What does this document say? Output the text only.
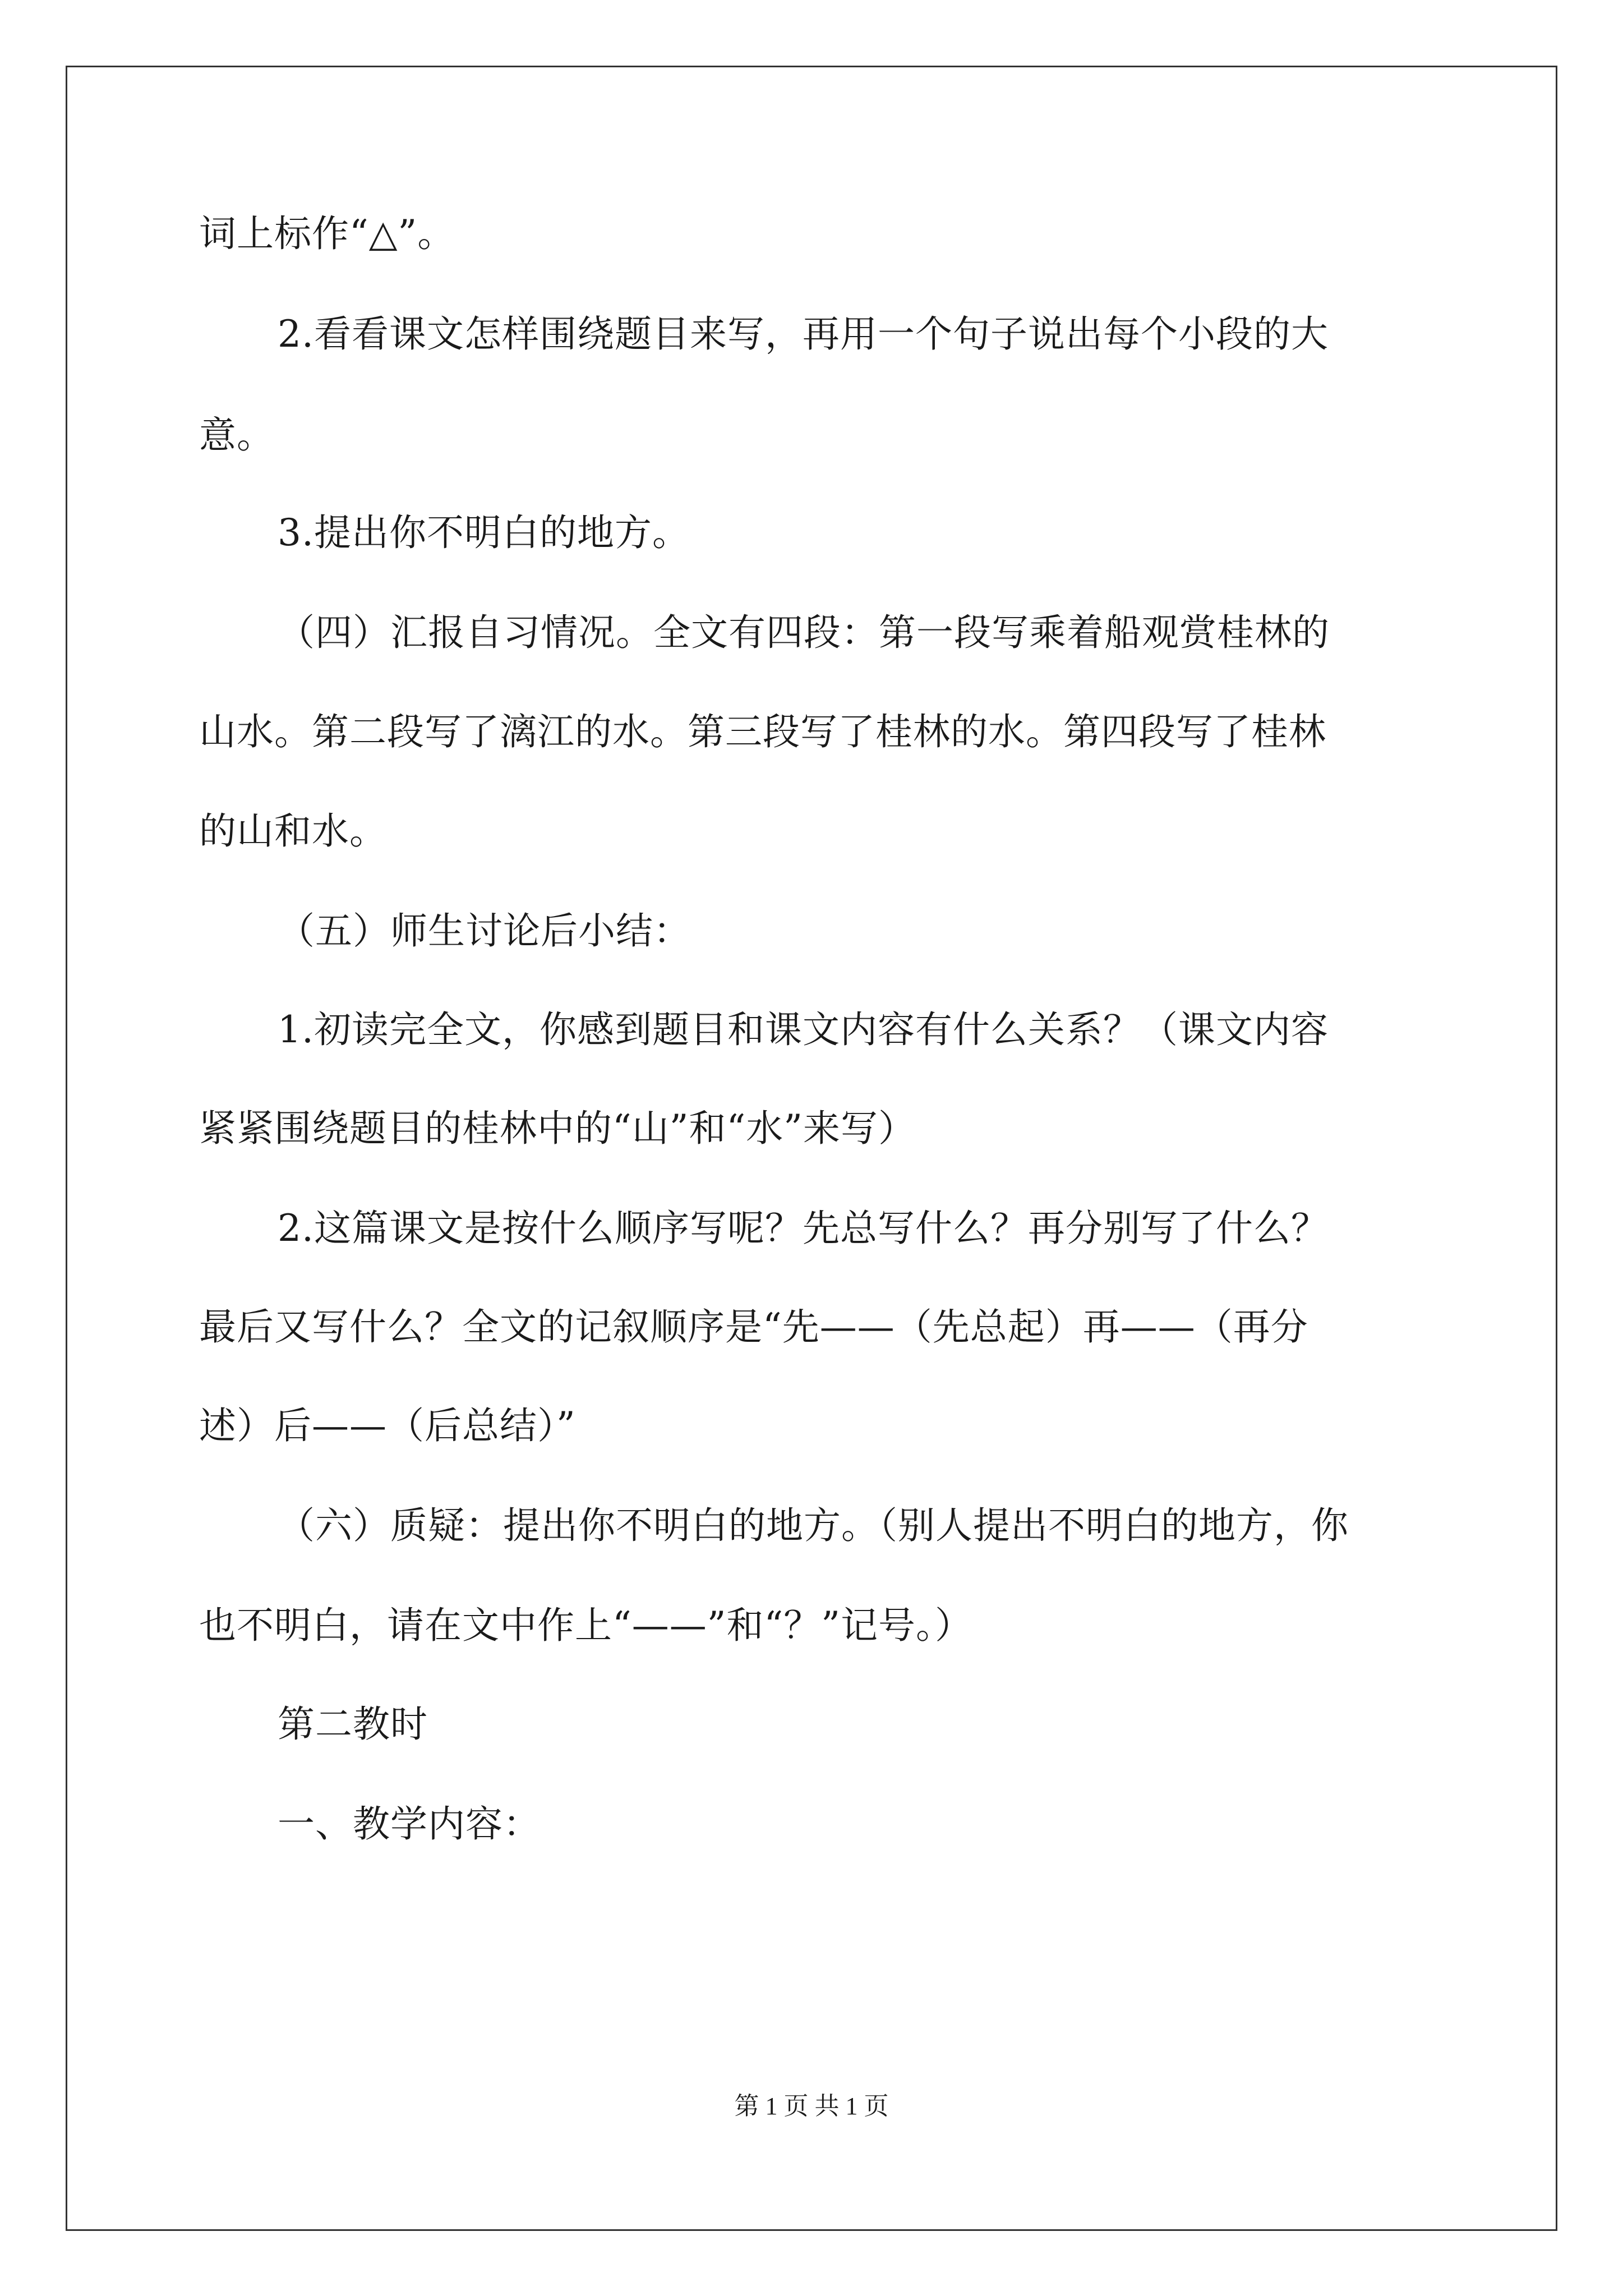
词上标作“△”。
2.看看课文怎样围绕题目来写，再用一个句子说出每个小段的大
意。
3.提出你不明白的地方。
（四）汇报自习情况。全文有四段：第一段写乘着船观赏桂林的
山水。第二段写了漓江的水。第三段写了桂林的水。第四段写了桂林
的山和水。
（五）师生讨论后小结：
1.初读完全文，你感到题目和课文内容有什么关系？（课文内容
紧紧围绕题目的桂林中的“山”和“水”来写）
2.这篇课文是按什么顺序写呢？先总写什么？再分别写了什么？
最后又写什么？全文的记叙顺序是“先——（先总起）再——（再分
述）后——（后总结）”
（六）质疑：提出你不明白的地方。（别人提出不明白的地方，你
也不明白，请在文中作上“——”和“？”记号。）
第二教时
一、教学内容：
第 1 页 共 1 页
